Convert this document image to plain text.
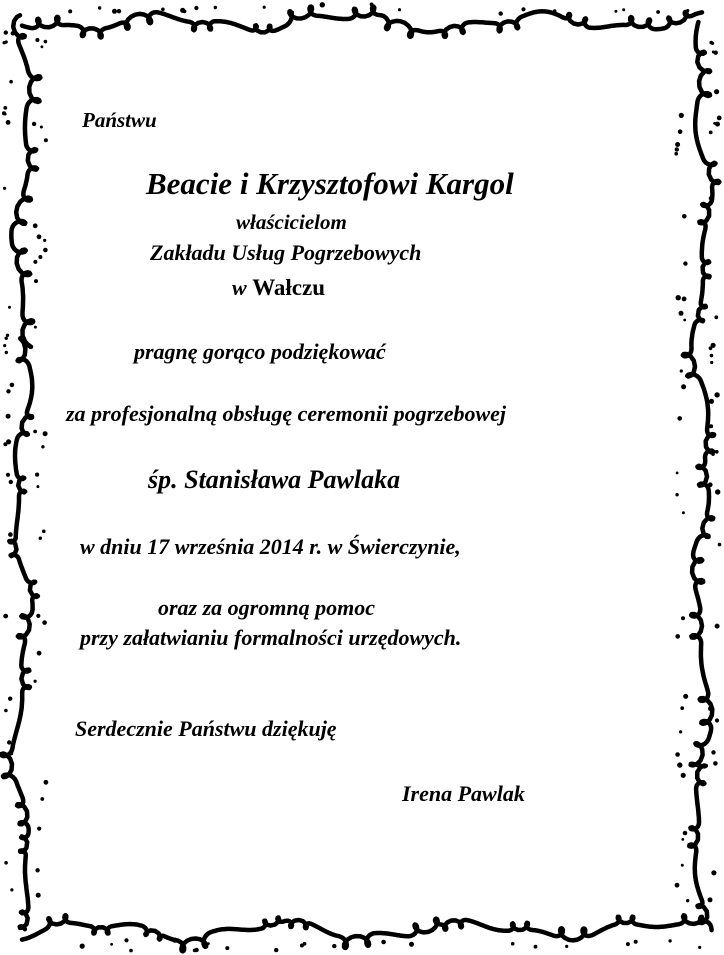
Państwu

Beacie i Krzysztofowi Kargol

właścicielom

Zakładu Usług Pogrzebowych

w Wałczu

pragnę gorąco podziękować

za profesjonalną obsługę ceremonii pogrzebowej

śp. Stanisława Pawlaka

w dniu 17 września 2014 r. w Świerczynie,

oraz za ogromną pomoc

przy załatwianiu formalności urzędowych.

Serdecznie Państwu dziękuję

Irena Pawlak
